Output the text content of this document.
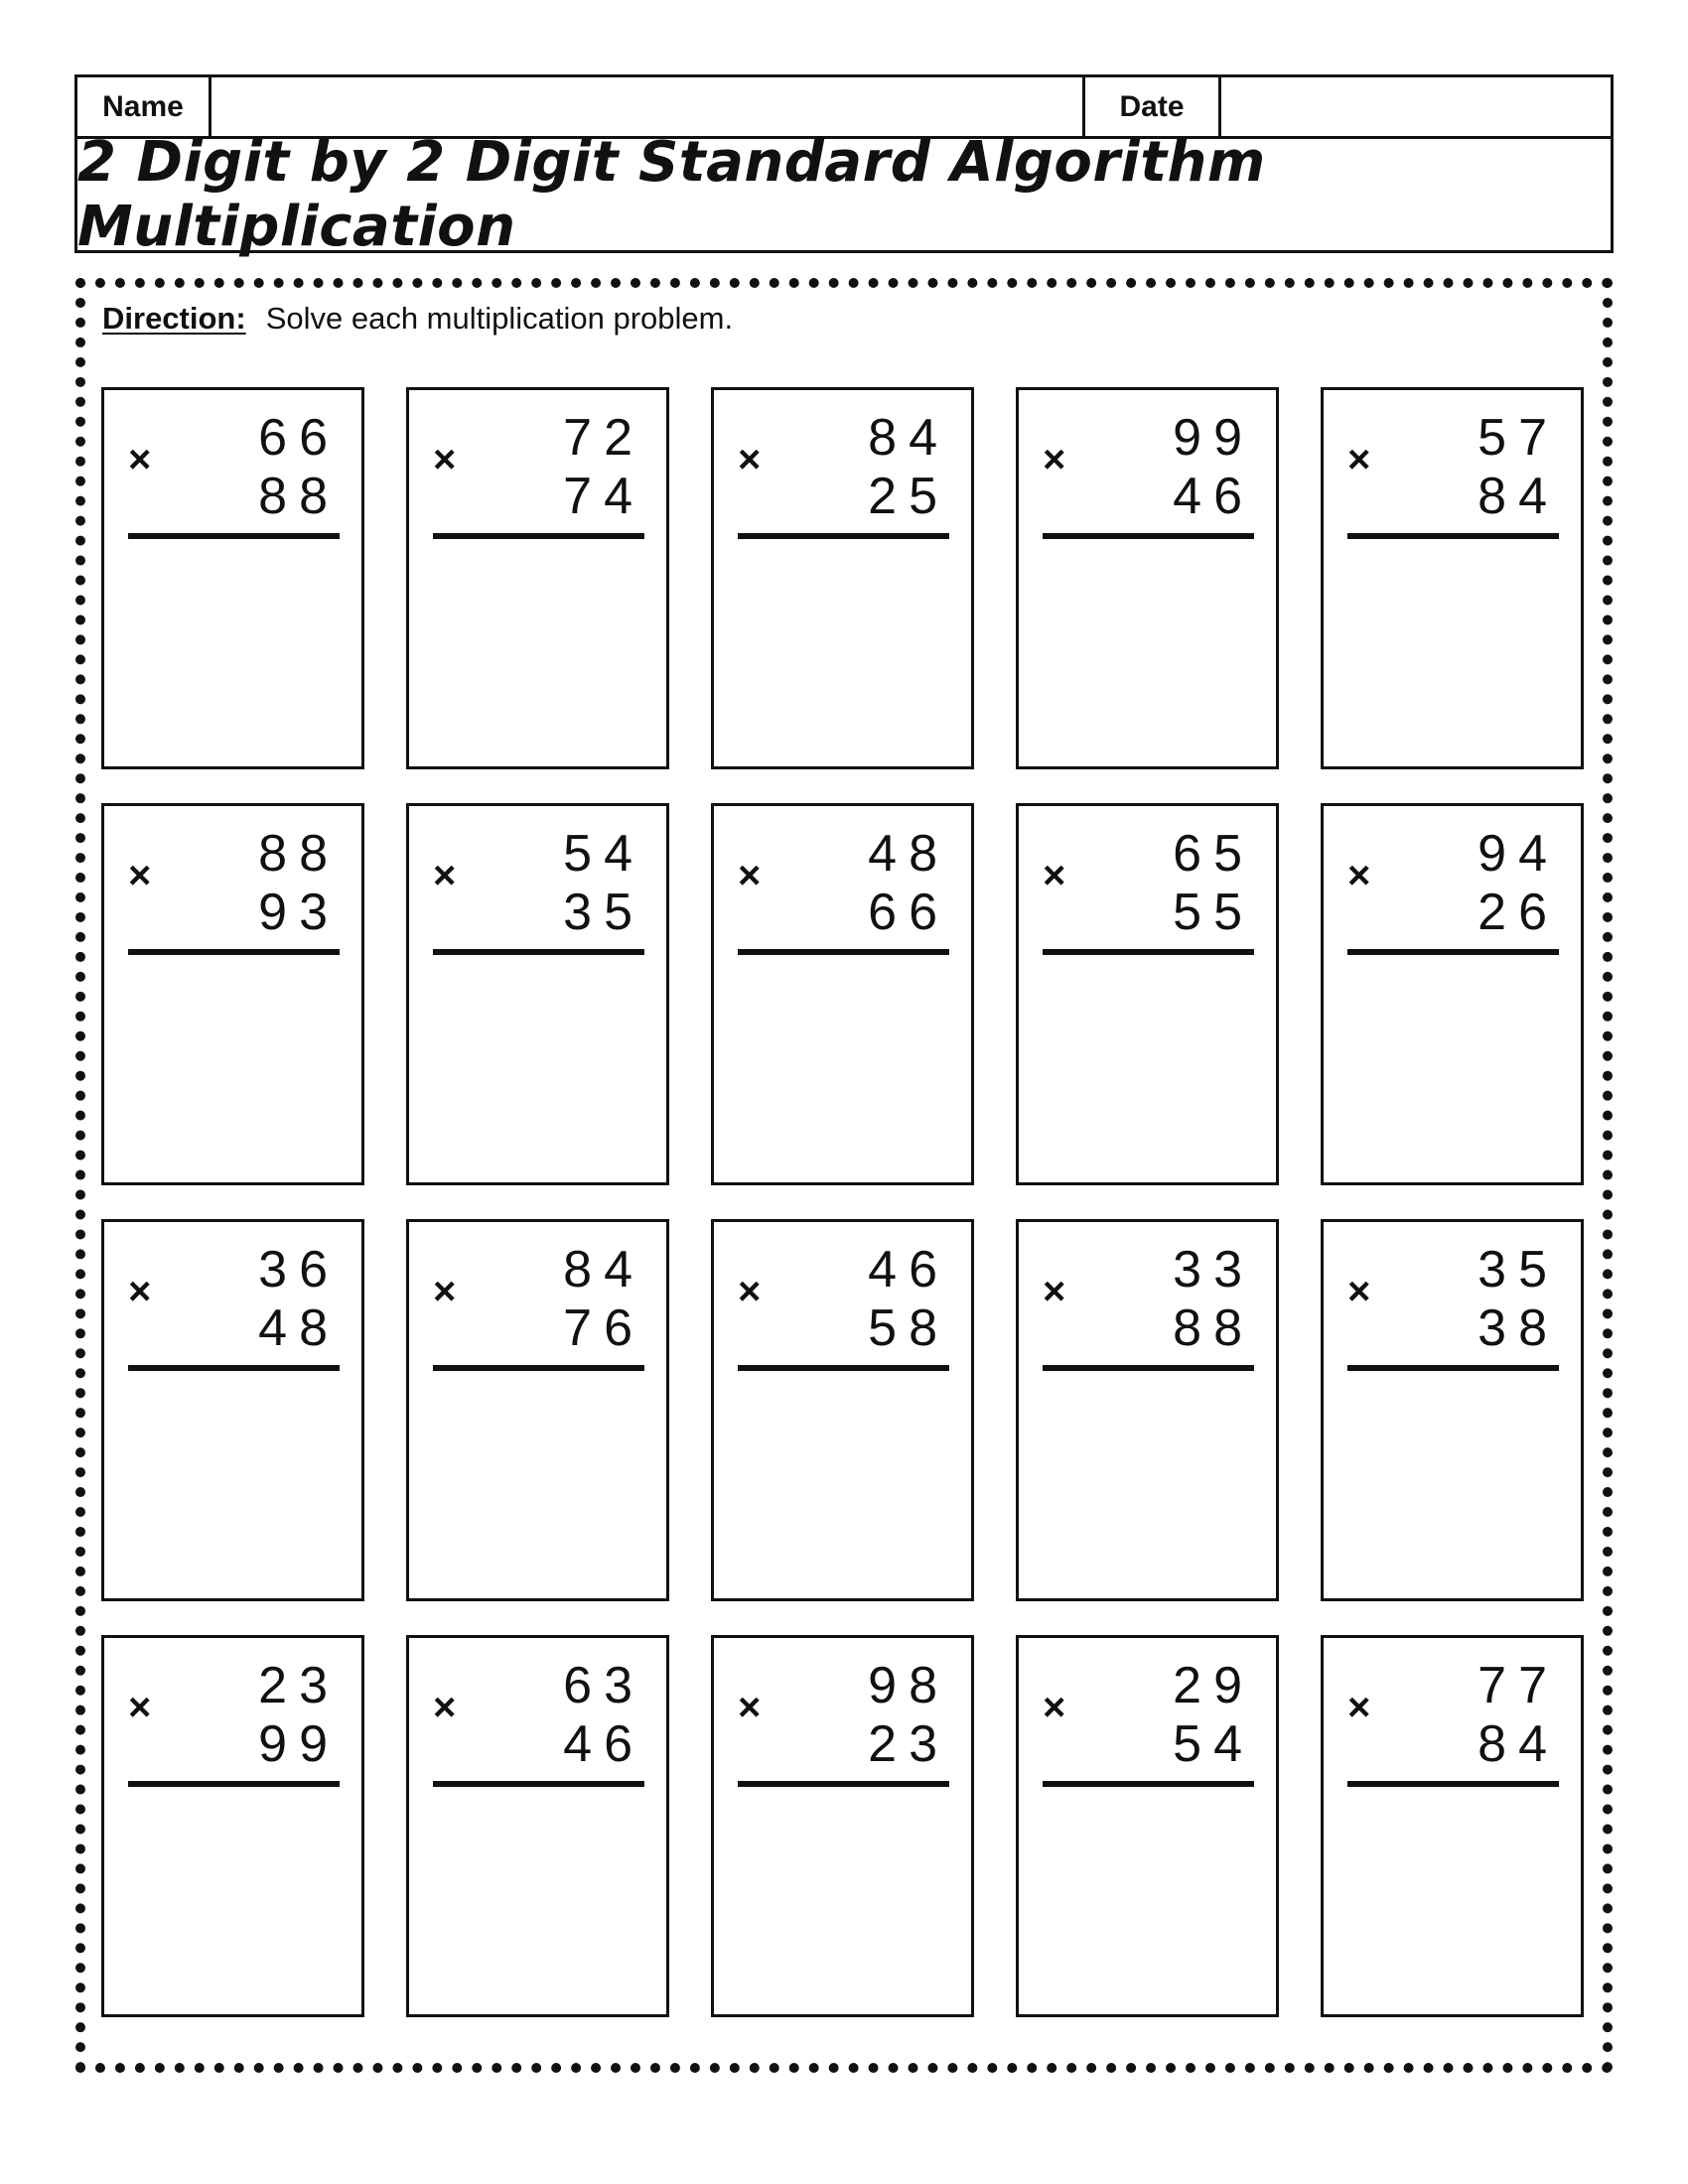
Name	Date
2 Digit by 2 Digit Standard Algorithm Multiplication
Direction: Solve each multiplication problem.
× 66
88
× 72
74
× 84
25
× 99
46
× 57
84
× 88
93
× 54
35
× 48
66
× 65
55
× 94
26
× 36
48
× 84
76
× 46
58
× 33
88
× 35
38
× 23
99
× 63
46
× 98
23
× 29
54
× 77
84
